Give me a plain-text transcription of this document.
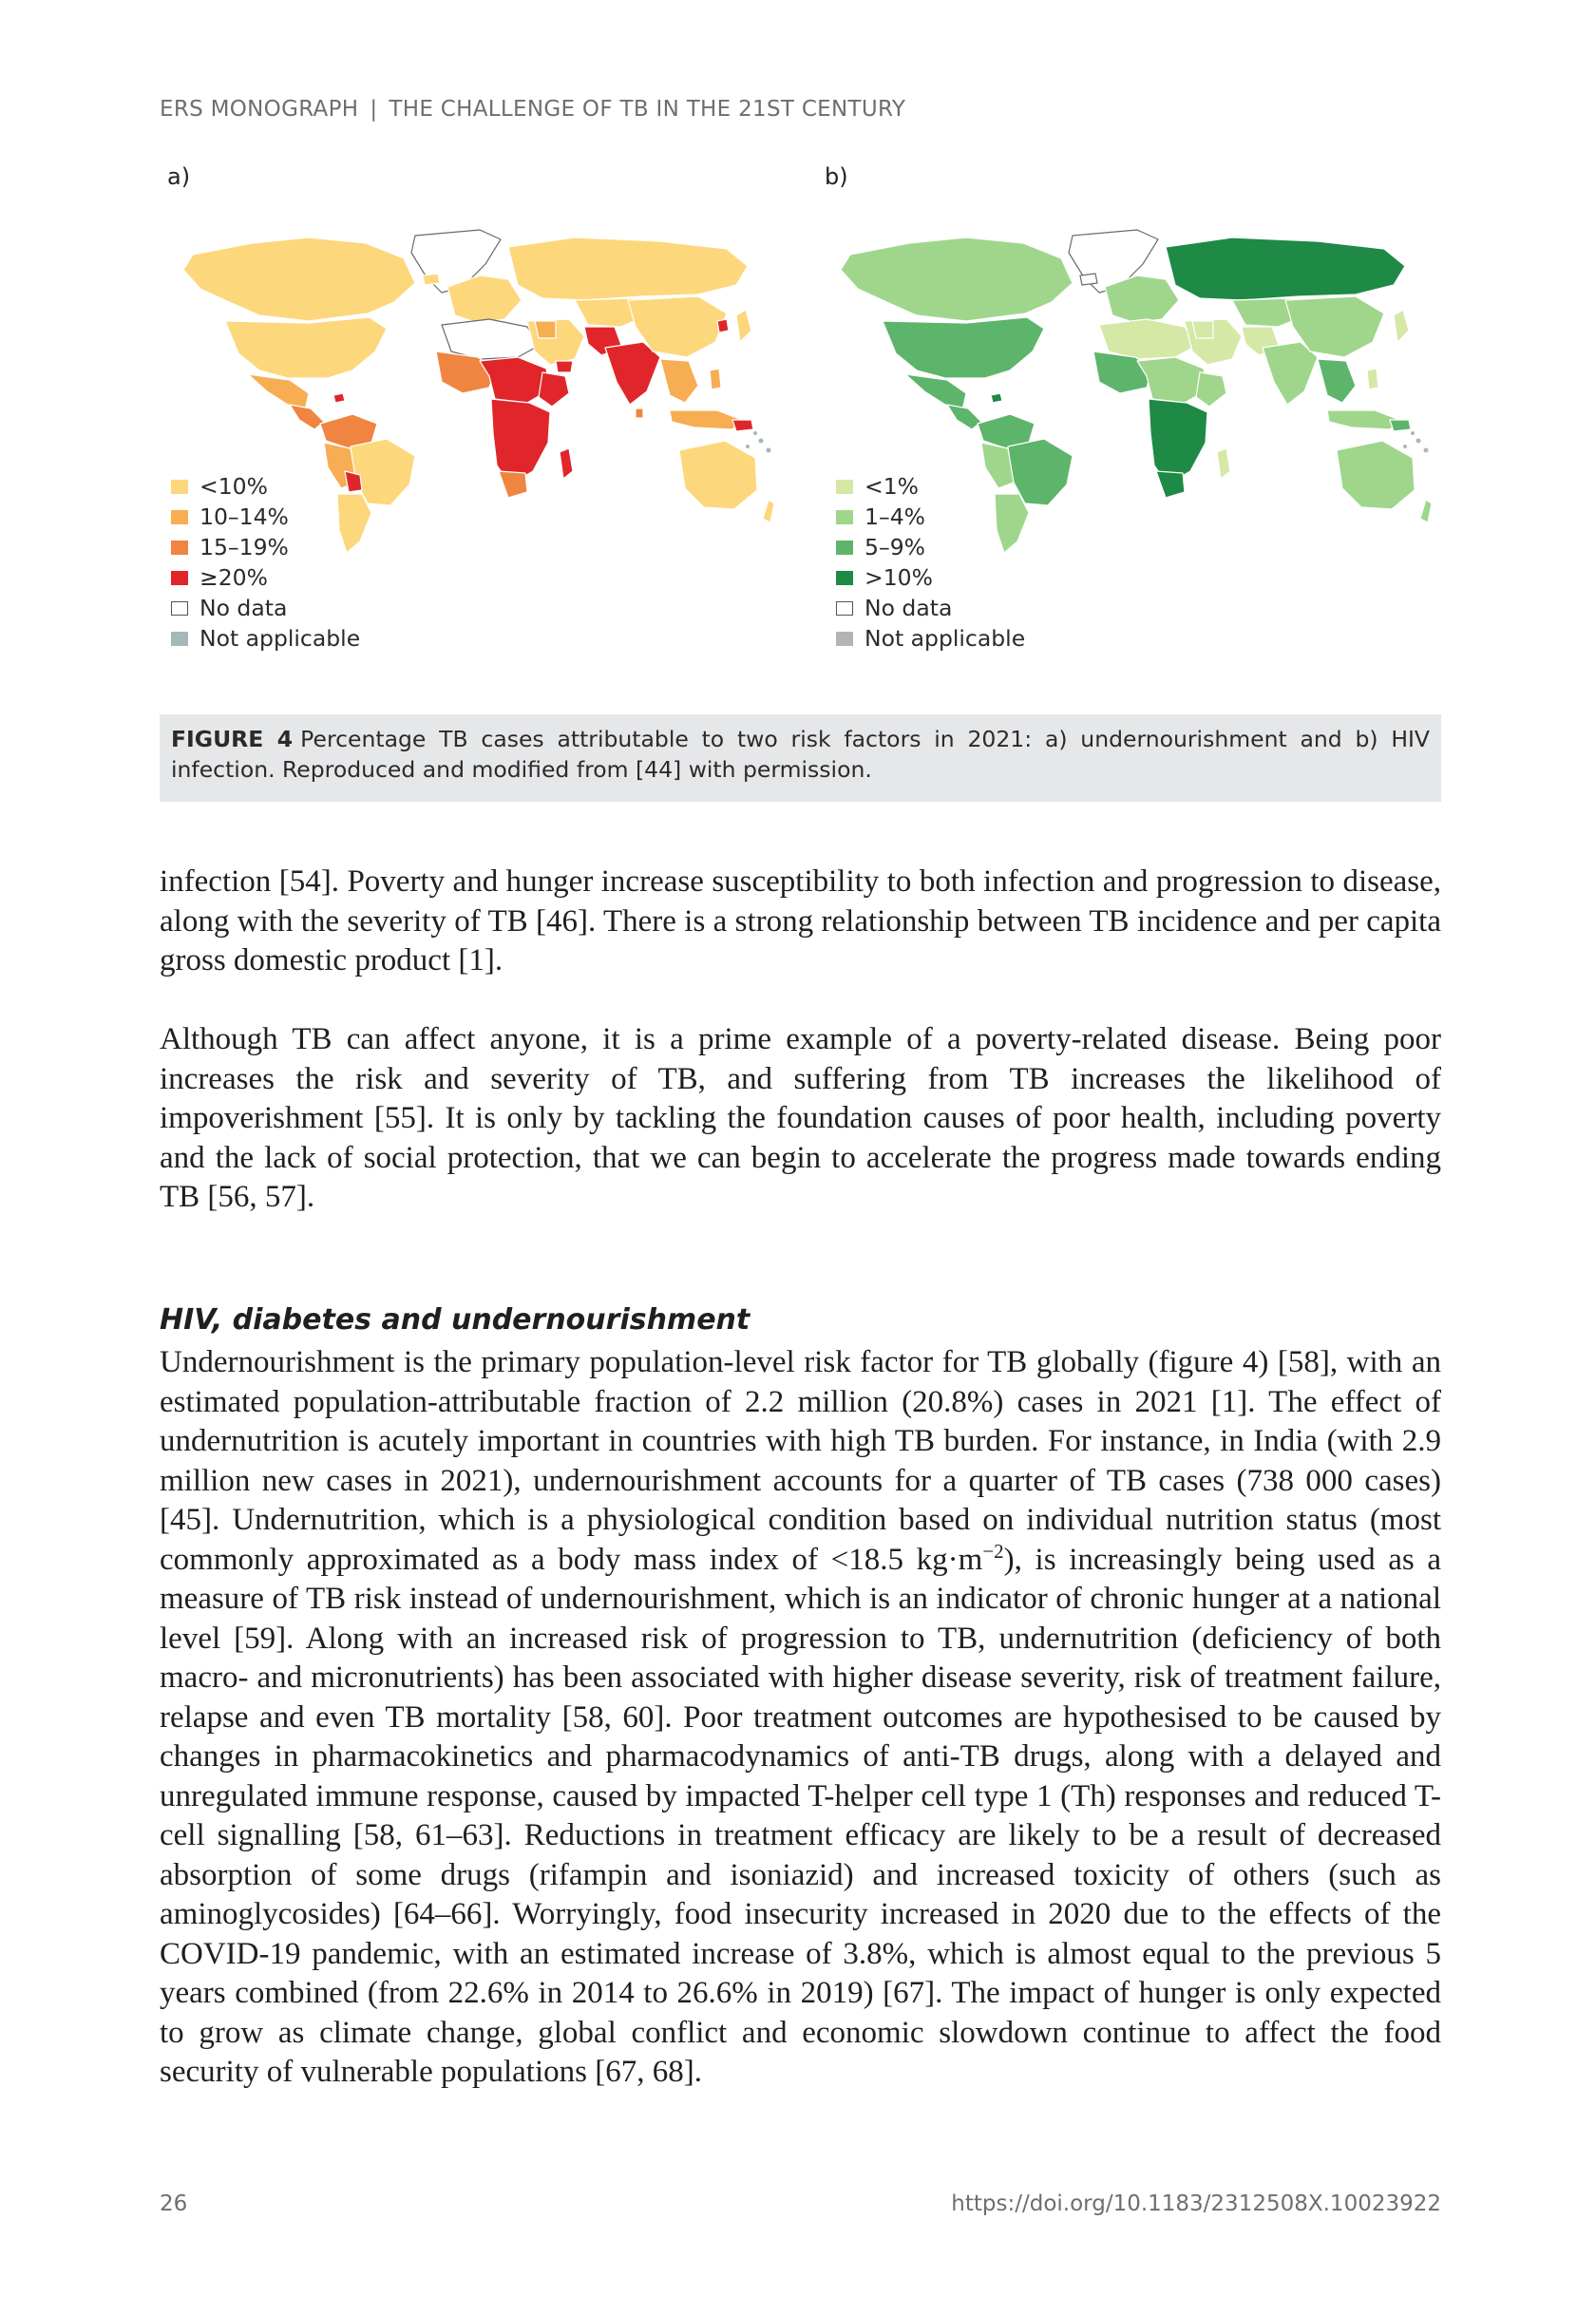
ERS MONOGRAPH | THE CHALLENGE OF TB IN THE 21ST CENTURY
a)	b)
<10%
10–14%
15–19%
≥20%
No data
Not applicable
<1%
1–4%
5–9%
>10%
No data
Not applicable
FIGURE 4 Percentage TB cases attributable to two risk factors in 2021: a) undernourishment and b) HIV infection. Reproduced and modified from [44] with permission.

infection [54]. Poverty and hunger increase susceptibility to both infection and progression to disease, along with the severity of TB [46]. There is a strong relationship between TB incidence and per capita gross domestic product [1].

Although TB can affect anyone, it is a prime example of a poverty-related disease. Being poor increases the risk and severity of TB, and suffering from TB increases the likelihood of impoverishment [55]. It is only by tackling the foundation causes of poor health, including poverty and the lack of social protection, that we can begin to accelerate the progress made towards ending TB [56, 57].

HIV, diabetes and undernourishment

Undernourishment is the primary population-level risk factor for TB globally (figure 4) [58], with an estimated population-attributable fraction of 2.2 million (20.8%) cases in 2021 [1]. The effect of undernutrition is acutely important in countries with high TB burden. For instance, in India (with 2.9 million new cases in 2021), undernourishment accounts for a quarter of TB cases (738 000 cases) [45]. Undernutrition, which is a physiological condition based on individual nutrition status (most commonly approximated as a body mass index of <18.5 $kg\cdot m^{-2}$), is increasingly being used as a measure of TB risk instead of undernourishment, which is an indicator of chronic hunger at a national level [59]. Along with an increased risk of progression to TB, undernutrition (deficiency of both macro- and micronutrients) has been associated with higher disease severity, risk of treatment failure, relapse and even TB mortality [58, 60]. Poor treatment outcomes are hypothesised to be caused by changes in pharmacokinetics and pharmacodynamics of anti-TB drugs, along with a delayed and unregulated immune response, caused by impacted T-helper cell type 1 (Th) responses and reduced T-cell signalling [58, 61–63]. Reductions in treatment efficacy are likely to be a result of decreased absorption of some drugs (rifampin and isoniazid) and increased toxicity of others (such as aminoglycosides) [64–66]. Worryingly, food insecurity increased in 2020 due to the effects of the COVID-19 pandemic, with an estimated increase of 3.8%, which is almost equal to the previous 5 years combined (from 22.6% in 2014 to 26.6% in 2019) [67]. The impact of hunger is only expected to grow as climate change, global conflict and economic slowdown continue to affect the food security of vulnerable populations [67, 68].

26	https://doi.org/10.1183/2312508X.10023922
